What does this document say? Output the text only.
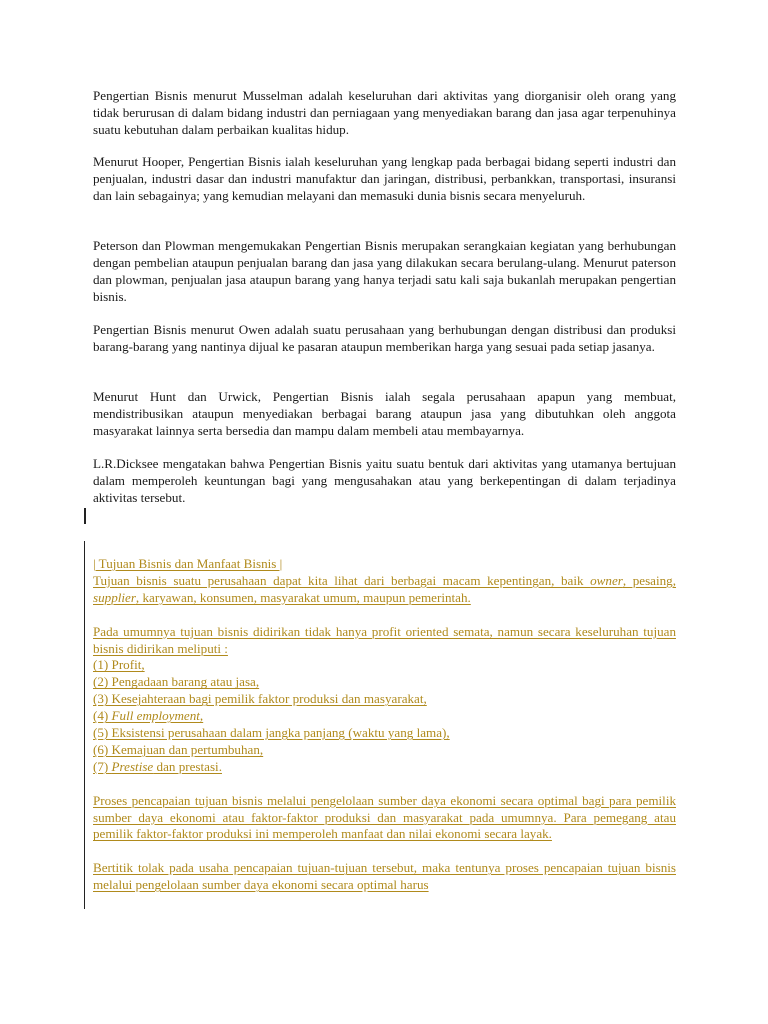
Pengertian Bisnis menurut Musselman adalah keseluruhan dari aktivitas yang diorganisir oleh orang yang tidak berurusan di dalam bidang industri dan perniagaan yang menyediakan barang dan jasa agar terpenuhinya suatu kebutuhan dalam perbaikan kualitas hidup.

Menurut Hooper, Pengertian Bisnis ialah keseluruhan yang lengkap pada berbagai bidang seperti industri dan penjualan, industri dasar dan industri manufaktur dan jaringan, distribusi, perbankkan, transportasi, insuransi dan lain sebagainya; yang kemudian melayani dan memasuki dunia bisnis secara menyeluruh.

Peterson dan Plowman mengemukakan Pengertian Bisnis merupakan serangkaian kegiatan yang berhubungan dengan pembelian ataupun penjualan barang dan jasa yang dilakukan secara berulang-ulang. Menurut paterson dan plowman, penjualan jasa ataupun barang yang hanya terjadi satu kali saja bukanlah merupakan pengertian bisnis.

Pengertian Bisnis menurut Owen adalah suatu perusahaan yang berhubungan dengan distribusi dan produksi barang-barang yang nantinya dijual ke pasaran ataupun memberikan harga yang sesuai pada setiap jasanya.

Menurut Hunt dan Urwick, Pengertian Bisnis ialah segala perusahaan apapun yang membuat, mendistribusikan ataupun menyediakan berbagai barang ataupun jasa yang dibutuhkan oleh anggota masyarakat lainnya serta bersedia dan mampu dalam membeli atau membayarnya.

L.R.Dicksee mengatakan bahwa Pengertian Bisnis yaitu suatu bentuk dari aktivitas yang utamanya bertujuan dalam memperoleh keuntungan bagi yang mengusahakan atau yang berkepentingan di dalam terjadinya aktivitas tersebut.

| Tujuan Bisnis dan Manfaat Bisnis |

Tujuan bisnis suatu perusahaan dapat kita lihat dari berbagai macam kepentingan, baik owner, pesaing, supplier, karyawan, konsumen, masyarakat umum, maupun pemerintah.

Pada umumnya tujuan bisnis didirikan tidak hanya profit oriented semata, namun secara keseluruhan tujuan bisnis didirikan meliputi :

(1) Profit,
(2) Pengadaan barang atau jasa,
(3) Kesejahteraan bagi pemilik faktor produksi dan masyarakat,
(4) Full employment,
(5) Eksistensi perusahaan dalam jangka panjang (waktu yang lama),
(6) Kemajuan dan pertumbuhan,
(7) Prestise dan prestasi.

Proses pencapaian tujuan bisnis melalui pengelolaan sumber daya ekonomi secara optimal bagi para pemilik sumber daya ekonomi atau faktor-faktor produksi dan masyarakat pada umumnya. Para pemegang atau pemilik faktor-faktor produksi ini memperoleh manfaat dan nilai ekonomi secara layak.

Bertitik tolak pada usaha pencapaian tujuan-tujuan tersebut, maka tentunya proses pencapaian tujuan bisnis melalui pengelolaan sumber daya ekonomi secara optimal harus
